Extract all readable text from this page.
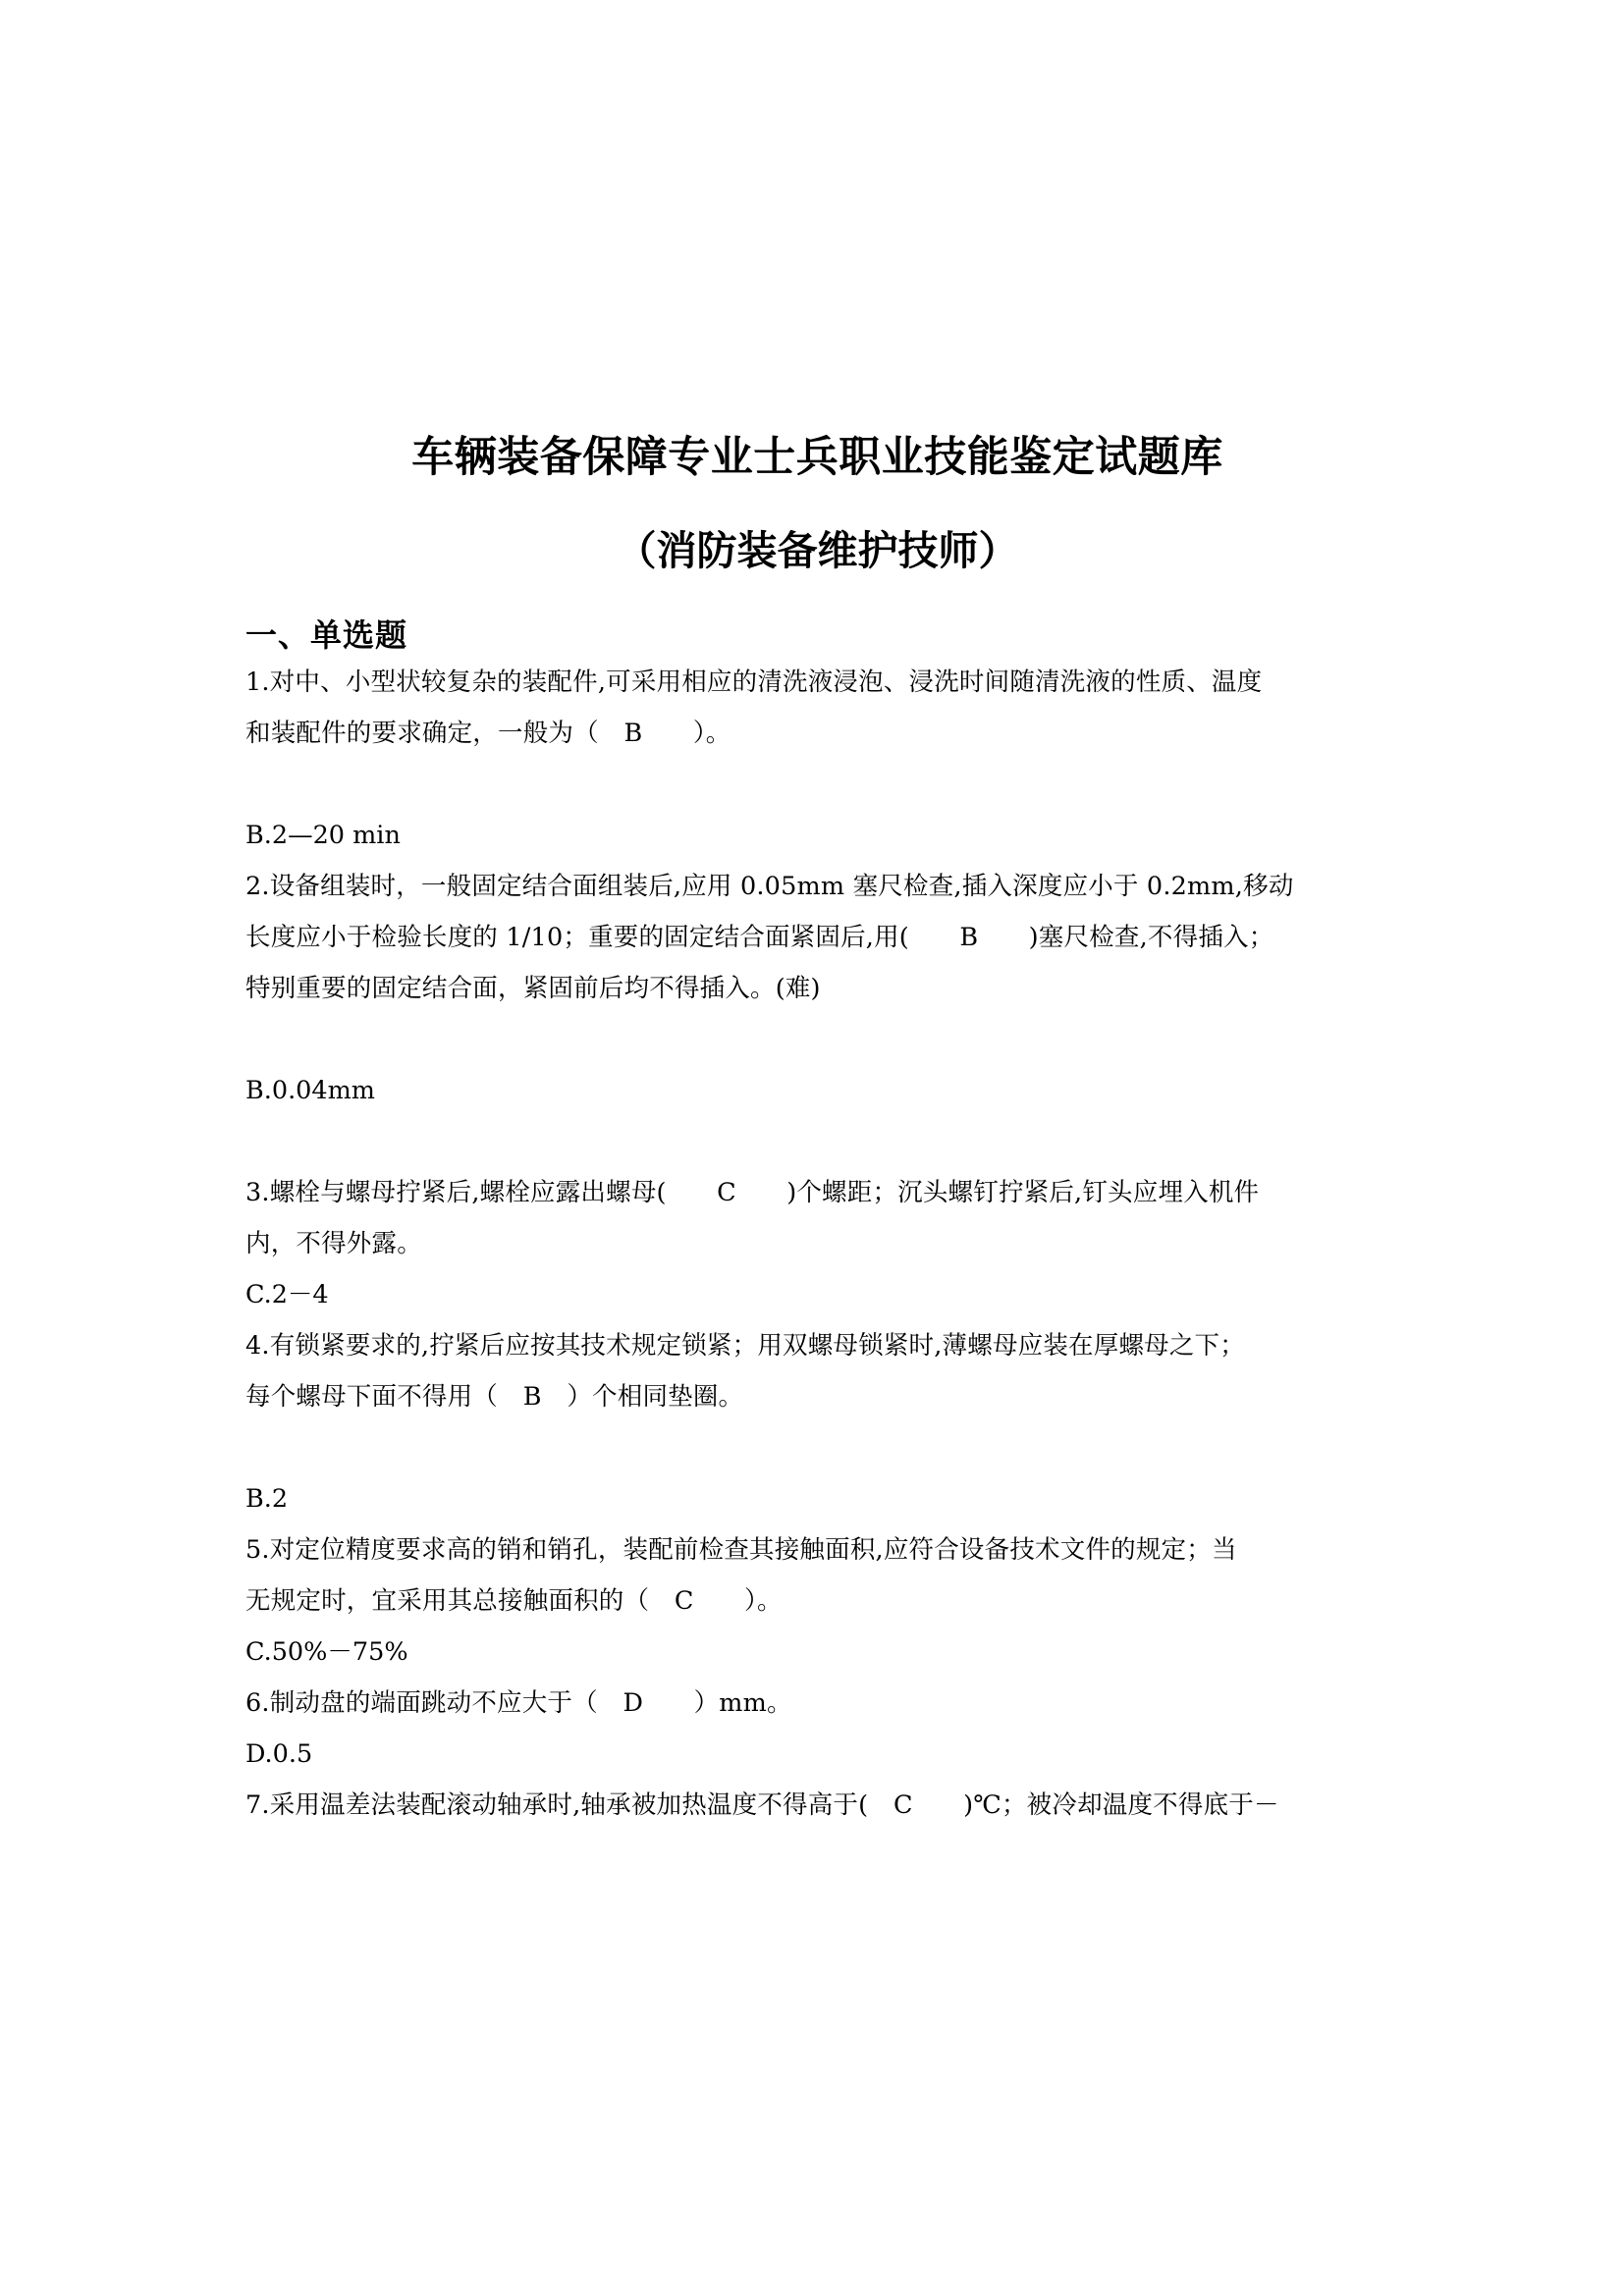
车辆装备保障专业士兵职业技能鉴定试题库
（消防装备维护技师）
一、单选题
1.对中、小型状较复杂的装配件,可采用相应的清洗液浸泡、浸洗时间随清洗液的性质、温度
和装配件的要求确定，一般为（　B　　）。
B.2—20 min
2.设备组装时，一般固定结合面组装后,应用 0.05mm 塞尺检查,插入深度应小于 0.2mm,移动
长度应小于检验长度的 1/10；重要的固定结合面紧固后,用(　　B　　)塞尺检查,不得插入；
特别重要的固定结合面，紧固前后均不得插入。(难)
B.0.04mm
3.螺栓与螺母拧紧后,螺栓应露出螺母(　　C　　)个螺距；沉头螺钉拧紧后,钉头应埋入机件
内，不得外露。
C.2－4
4.有锁紧要求的,拧紧后应按其技术规定锁紧；用双螺母锁紧时,薄螺母应装在厚螺母之下；
每个螺母下面不得用（　B　）个相同垫圈。
B.2
5.对定位精度要求高的销和销孔，装配前检查其接触面积,应符合设备技术文件的规定；当
无规定时，宜采用其总接触面积的（　C　　）。
C.50%－75%
6.制动盘的端面跳动不应大于（　D　　）mm。
D.0.5
7.采用温差法装配滚动轴承时,轴承被加热温度不得高于(　C　　)℃；被冷却温度不得底于－
